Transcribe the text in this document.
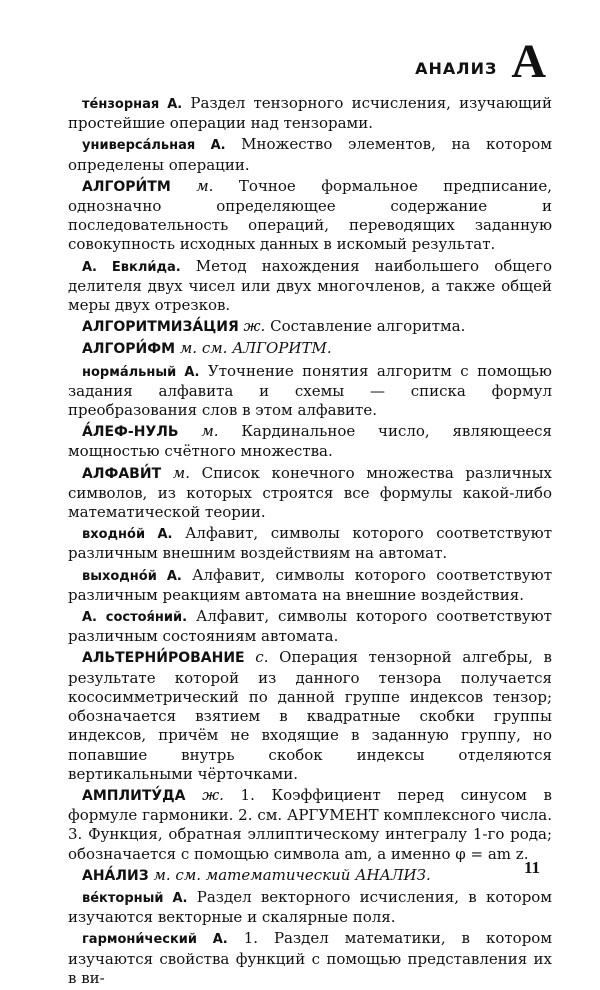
АНАЛИЗ А

тéнзорная А. Раздел тензорного исчисления, изучающий простейшие операции над тензорами.

универсáльная А. Множество элементов, на котором определены операции.

АЛГОРИ́ТМ м. Точное формальное предписание, однозначно определяющее содержание и последовательность операций, переводящих заданную совокупность исходных данных в искомый результат.

А. Евкли́да. Метод нахождения наибольшего общего делителя двух чисел или двух многочленов, а также общей меры двух отрезков.

АЛГОРИТМИЗА́ЦИЯ ж. Составление алгоритма.

АЛГОРИ́ФМ м. см. АЛГОРИТМ.

нормáльный А. Уточнение понятия алгоритм с помощью задания алфавита и схемы — списка формул преобразования слов в этом алфавите.

А́ЛЕФ-НУЛЬ м. Кардинальное число, являющееся мощностью счётного множества.

АЛФАВИ́Т м. Список конечного множества различных символов, из которых строятся все формулы какой-либо математической теории.

входнóй А. Алфавит, символы которого соответствуют различным внешним воздействиям на автомат.

выходнóй А. Алфавит, символы которого соответствуют различным реакциям автомата на внешние воздействия.

А. состоя́ний. Алфавит, символы которого соответствуют различным состояниям автомата.

АЛЬТЕРНИ́РОВАНИЕ с. Операция тензорной алгебры, в результате которой из данного тензора получается кососимметрический по данной группе индексов тензор; обозначается взятием в квадратные скобки группы индексов, причём не входящие в заданную группу, но попавшие внутрь скобок индексы отделяются вертикальными чёрточками.

АМПЛИТУ́ДА ж. 1. Коэффициент перед синусом в формуле гармоники. 2. см. АРГУМЕНТ комплексного числа. 3. Функция, обратная эллиптическому интегралу 1-го рода; обозначается с помощью символа am, а именно φ = am z.

АНА́ЛИЗ м. см. математический АНАЛИЗ.

вéкторный А. Раздел векторного исчисления, в котором изучаются векторные и скалярные поля.

гармони́ческий А. 1. Раздел математики, в котором изучаются свойства функций с помощью представления их в ви-

11
